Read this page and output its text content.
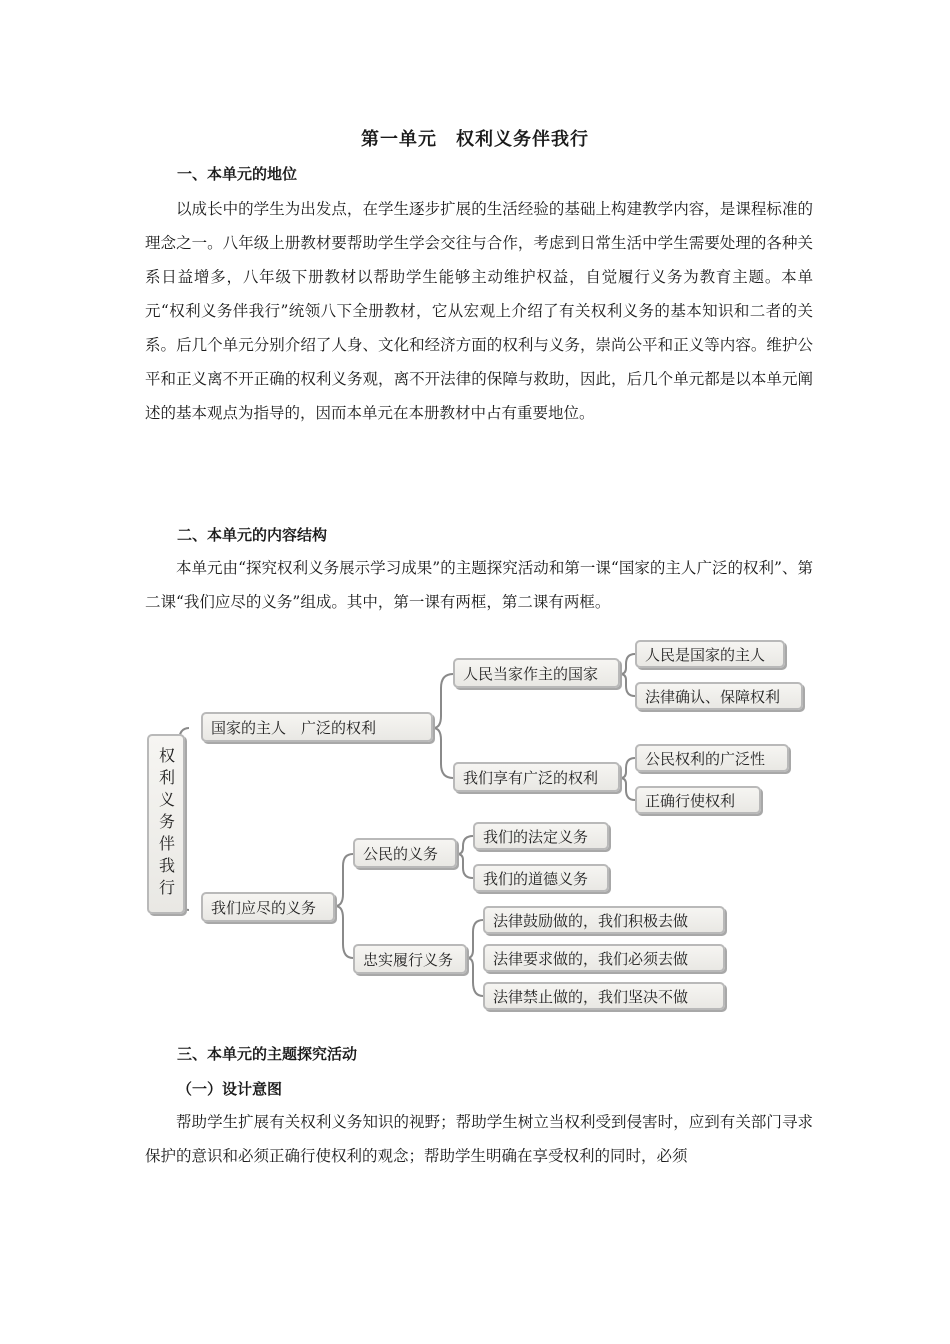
第一单元　权利义务伴我行
一、本单元的地位

以成长中的学生为出发点，在学生逐步扩展的生活经验的基础上构建教学内容，是课程标准的理念之一。八年级上册教材要帮助学生学会交往与合作，考虑到日常生活中学生需要处理的各种关系日益增多，八年级下册教材以帮助学生能够主动维护权益，自觉履行义务为教育主题。本单元“权利义务伴我行”统领八下全册教材，它从宏观上介绍了有关权利义务的基本知识和二者的关系。后几个单元分别介绍了人身、文化和经济方面的权利与义务，崇尚公平和正义等内容。维护公平和正义离不开正确的权利义务观，离不开法律的保障与救助，因此，后几个单元都是以本单元阐述的基本观点为指导的，因而本单元在本册教材中占有重要地位。

二、本单元的内容结构

本单元由“探究权利义务展示学习成果”的主题探究活动和第一课“国家的主人广泛的权利”、第二课“我们应尽的义务”组成。其中，第一课有两框，第二课有两框。

权利义务伴我行
国家的主人　广泛的权利
我们应尽的义务
人民当家作主的国家
我们享有广泛的权利
公民的义务
忠实履行义务
人民是国家的主人
法律确认、保障权利
公民权利的广泛性
正确行使权利
我们的法定义务
我们的道德义务
法律鼓励做的，我们积极去做
法律要求做的，我们必须去做
法律禁止做的，我们坚决不做
三、本单元的主题探究活动
（一）设计意图

帮助学生扩展有关权利义务知识的视野；帮助学生树立当权利受到侵害时，应到有关部门寻求保护的意识和必须正确行使权利的观念；帮助学生明确在享受权利的同时，必须
